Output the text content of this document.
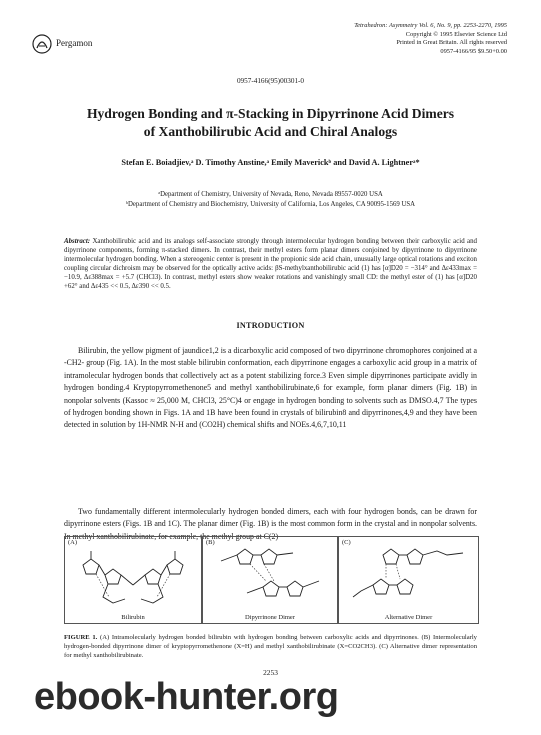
Pergamon
Tetrahedron: Asymmetry Vol. 6, No. 9, pp. 2253-2270, 1995
Copyright © 1995 Elsevier Science Ltd
Printed in Great Britain. All rights reserved
0957-4166/95 $9.50+0.00
0957-4166(95)00301-0
Hydrogen Bonding and π-Stacking in Dipyrrinone Acid Dimers
of Xanthobilirubic Acid and Chiral Analogs
Stefan E. Boiadjiev,ᵃ D. Timothy Anstine,ᵃ Emily Maverickᵇ and David A. Lightnerᵃ*
ᵃDepartment of Chemistry, University of Nevada, Reno, Nevada 89557-0020 USA
ᵇDepartment of Chemistry and Biochemistry, University of California, Los Angeles, CA 90095-1569 USA
Abstract: Xanthobilirubic acid and its analogs self-associate strongly through intermolecular hydrogen bonding between their carboxylic acid and dipyrrinone components, forming π-stacked dimers. In contrast, their methyl esters form planar dimers conjoined by dipyrrinone to dipyrrinone intermolecular hydrogen bonding. When a stereogenic center is present in the propionic side acid chain, unusually large optical rotations and exciton coupling circular dichroism may be observed for the optically active acids: βS-methylxanthobilirubic acid (1) has [α]D20 = −314° and Δε433max = −10.9, Δε388max = +5.7 (CHCl3). In contrast, methyl esters show weaker rotations and vanishingly small CD: the methyl ester of (1) has [α]D20 +62° and Δε435 << 0.5, Δε390 << 0.5.
INTRODUCTION

Bilirubin, the yellow pigment of jaundice1,2 is a dicarboxylic acid composed of two dipyrrinone chromophores conjoined at a -CH2- group (Fig. 1A). In the most stable bilirubin conformation, each dipyrrinone engages a carboxylic acid group in a matrix of intramolecular hydrogen bonds that collectively act as a potent stabilizing force.3 Even simple dipyrrinones participate avidly in hydrogen bonding.4 Kryptopyrromethenone5 and methyl xanthobilirubinate,6 for example, form planar dimers (Fig. 1B) in nonpolar solvents (Kassoc ≈ 25,000 M, CHCl3, 25°C)4 or engage in hydrogen bonding to solvents such as DMSO.4,7 The types of hydrogen bonding shown in Figs. 1A and 1B have been found in crystals of bilirubin8 and dipyrrinones,4,9 and they have been detected in solution by 1H-NMR N-H and (CO2H) chemical shifts and NOEs.4,6,7,10,11

Two fundamentally different intermolecularly hydrogen bonded dimers, each with four hydrogen bonds, can be drawn for dipyrrinone esters (Figs. 1B and 1C). The planar dimer (Fig. 1B) is the most common form in the crystal and in nonpolar solvents. In methyl xanthobilirubinate, for example, the methyl group at C(2)

(A)
Bilirubin
(B)
Dipyrrinone Dimer
(C)
Alternative Dimer
FIGURE 1. (A) Intramolecularly hydrogen bonded bilirubin with hydrogen bonding between carboxylic acids and dipyrrinones. (B) Intermolecularly hydrogen-bonded dipyrrinone dimer of kryptopyrromethenone (X=H) and methyl xanthobilirubinate (X=CO2CH3). (C) Alternative dimer representation for methyl xanthobilirubinate.
2253
ebook-hunter.org
